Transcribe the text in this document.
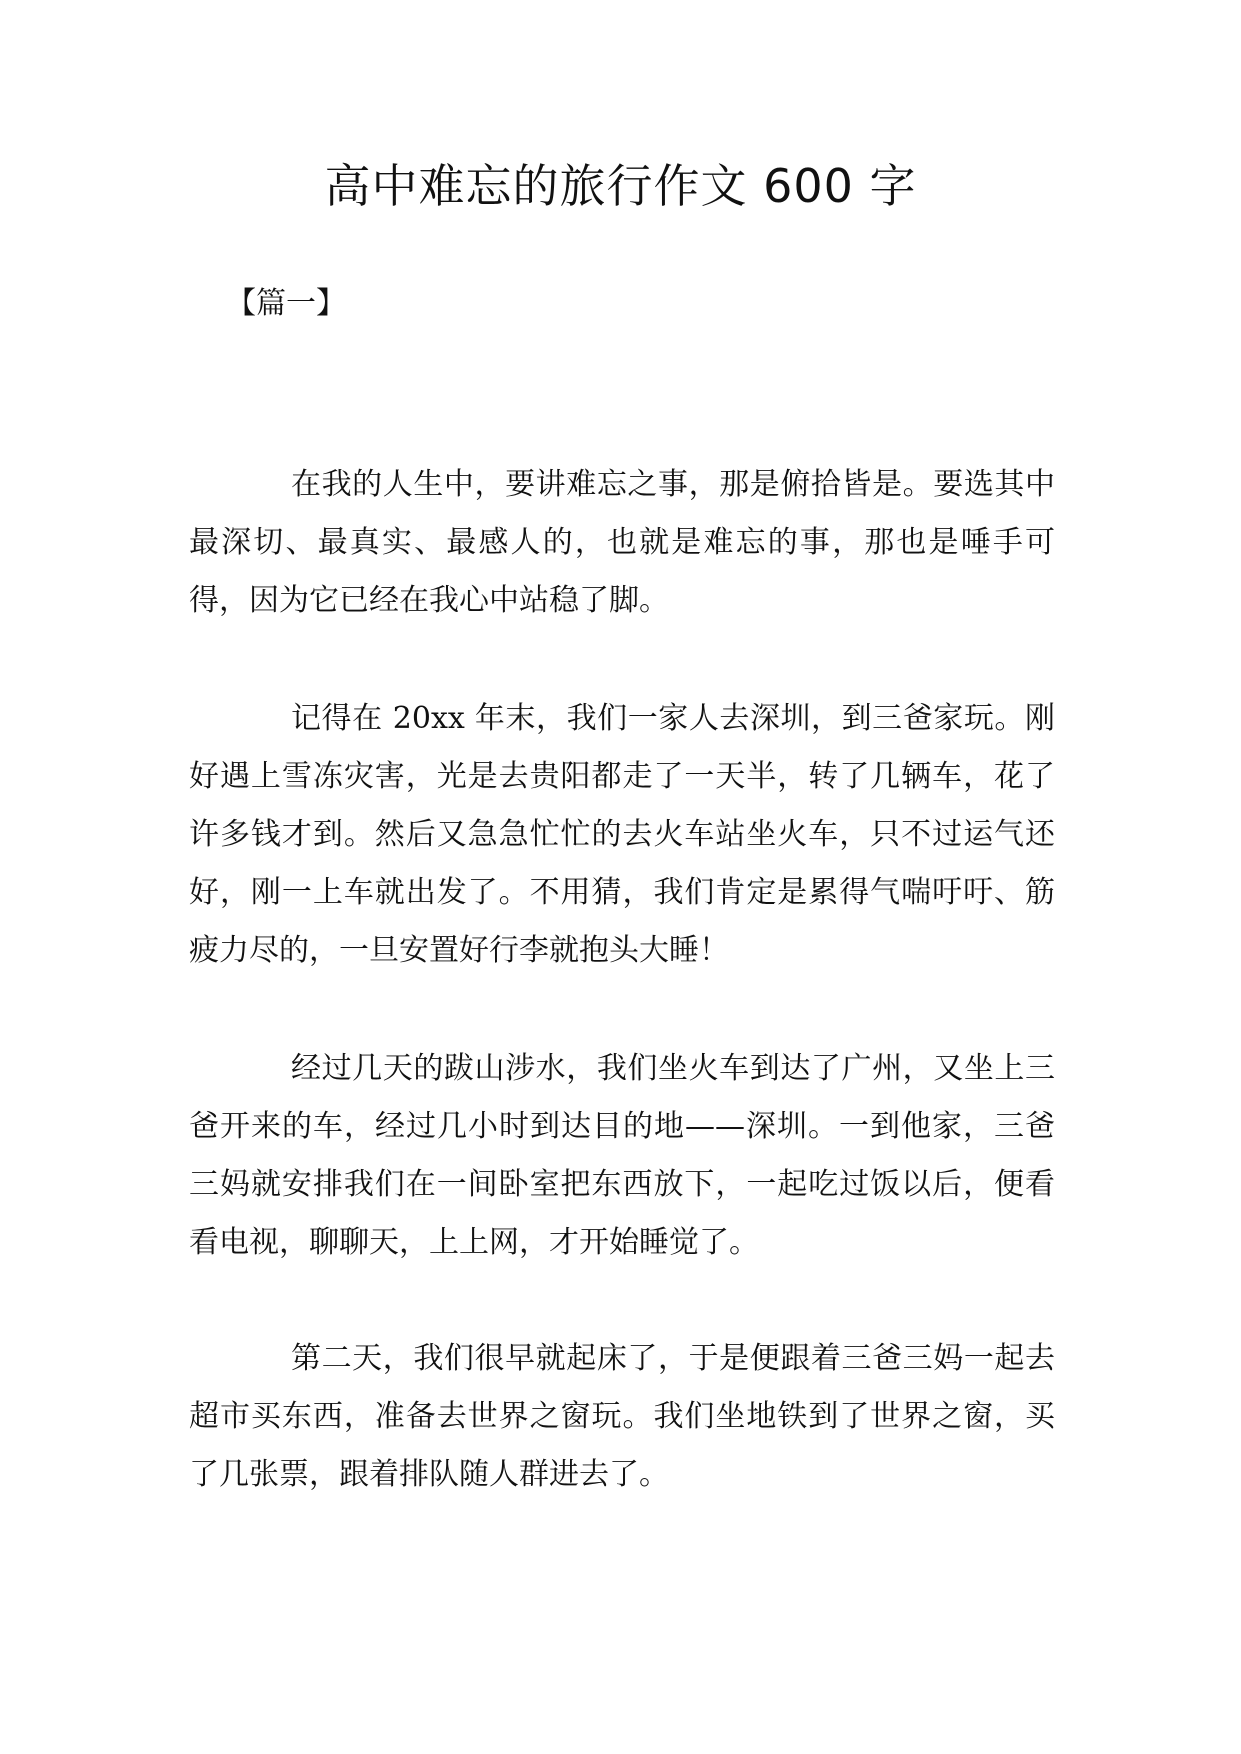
高中难忘的旅行作文 600 字

【篇一】

在我的人生中，要讲难忘之事，那是俯拾皆是。要选其中最深切、最真实、最感人的，也就是难忘的事，那也是唾手可得，因为它已经在我心中站稳了脚。

记得在 20xx 年末，我们一家人去深圳，到三爸家玩。刚好遇上雪冻灾害，光是去贵阳都走了一天半，转了几辆车，花了许多钱才到。然后又急急忙忙的去火车站坐火车，只不过运气还好，刚一上车就出发了。不用猜，我们肯定是累得气喘吁吁、筋疲力尽的，一旦安置好行李就抱头大睡！

经过几天的跋山涉水，我们坐火车到达了广州，又坐上三爸开来的车，经过几小时到达目的地——深圳。一到他家，三爸三妈就安排我们在一间卧室把东西放下，一起吃过饭以后，便看看电视，聊聊天，上上网，才开始睡觉了。

第二天，我们很早就起床了，于是便跟着三爸三妈一起去超市买东西，准备去世界之窗玩。我们坐地铁到了世界之窗，买了几张票，跟着排队随人群进去了。
